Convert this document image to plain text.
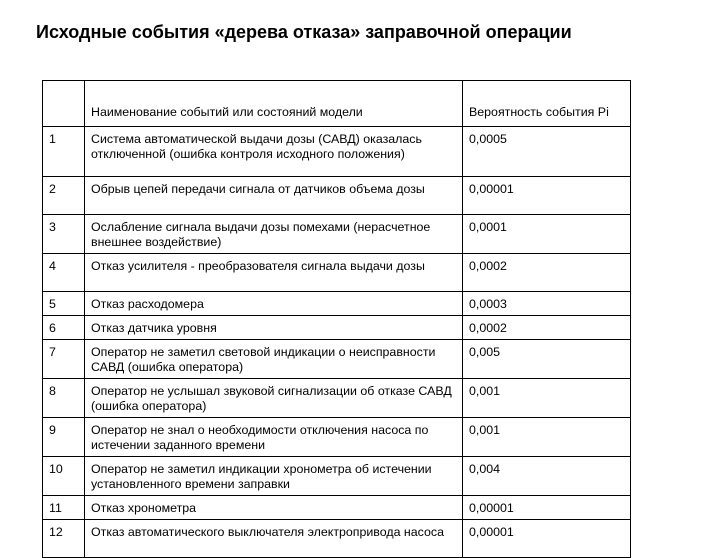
Исходные события «дерева отказа» заправочной операции
	Наименование событий или состояний модели	Вероятность события Pi
1	Система автоматической выдачи дозы (САВД) оказалась отключенной (ошибка контроля исходного положения)	0,0005
2	Обрыв цепей передачи сигнала от датчиков объема дозы	0,00001
3	Ослабление сигнала выдачи дозы помехами (нерасчетное внешнее воздействие)	0,0001
4	Отказ усилителя - преобразователя сигнала выдачи дозы	0,0002
5	Отказ расходомера	0,0003
6	Отказ датчика уровня	0,0002
7	Оператор не заметил световой индикации о неисправности САВД (ошибка оператора)	0,005
8	Оператор не услышал звуковой сигнализации об отказе САВД (ошибка оператора)	0,001
9	Оператор не знал о необходимости отключения насоса по истечении заданного времени	0,001
10	Оператор не заметил индикации хронометра об истечении установленного времени заправки	0,004
11	Отказ хронометра	0,00001
12	Отказ автоматического выключателя электропривода насоса	0,00001
